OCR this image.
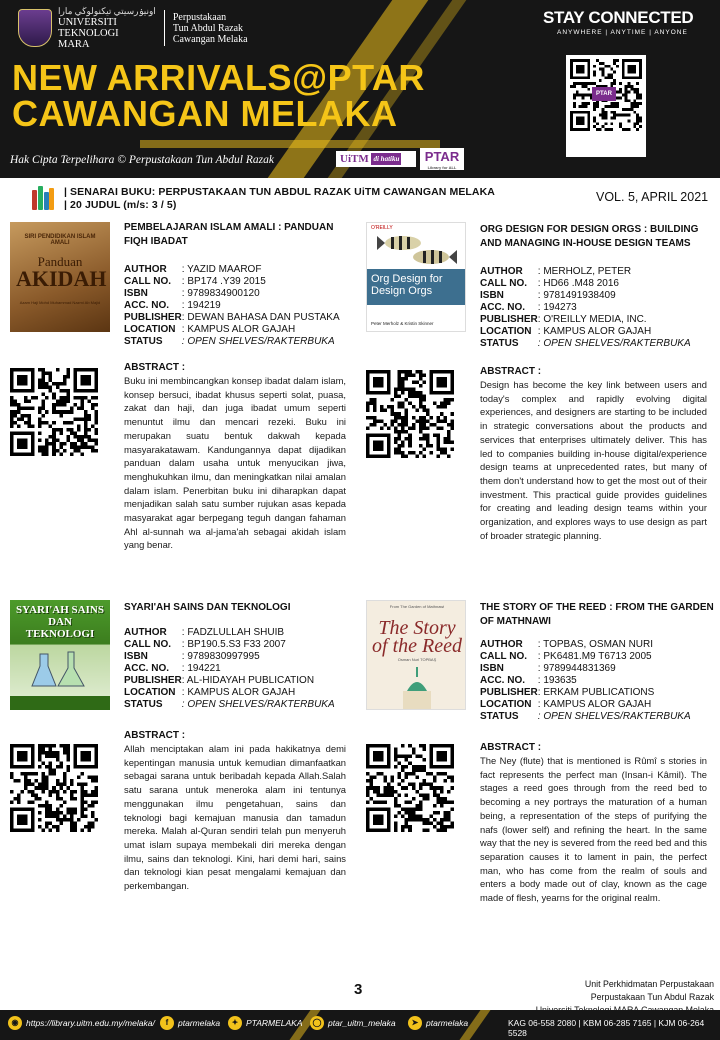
اونيۏرسيتي تيكنولوڬي مارا
UNIVERSITI
TEKNOLOGI
MARA
Perpustakaan
Tun Abdul Razak
Cawangan Melaka
NEW ARRIVALS@PTAR
CAWANGAN MELAKA
STAY CONNECTED
ANYWHERE | ANYTIME | ANYONE
PTAR
Hak Cipta Terpelihara © Perpustakaan Tun Abdul Razak	UiTM di hatiku	PTAR
Library for ALL
| SENARAI BUKU: PERPUSTAKAAN TUN ABDUL RAZAK UiTM CAWANGAN MELAKA
| 20 JUDUL (m/s: 3 / 5)
VOL. 5, APRIL 2021
SIRI PENDIDIKAN ISLAM AMALI
Panduan
AKIDAH
Azam Haji Mohd Muhammad Nazmi Ab Majid
PEMBELAJARAN ISLAM AMALI : PANDUAN FIQH IBADAT
AUTHOR	: YAZID MAAROF
CALL NO.	: BP174 .Y39 2015
ISBN	: 9789834900120
ACC. NO.	: 194219
PUBLISHER	: DEWAN BAHASA DAN PUSTAKA
LOCATION	: KAMPUS ALOR GAJAH
STATUS	: OPEN SHELVES/RAKTERBUKA
ABSTRACT :
Buku ini membincangkan konsep ibadat dalam islam, konsep bersuci, ibadat khusus seperti solat, puasa, zakat dan haji, dan juga ibadat umum seperti menuntut ilmu dan mencari rezeki. Buku ini merupakan suatu bentuk dakwah kepada masyarakatawam. Kandungannya dapat dijadikan panduan dalam usaha untuk menyucikan jiwa, menghukuhkan ilmu, dan meningkatkan nilai amalan dalam islam. Penerbitan buku ini diharapkan dapat menjadikan salah satu sumber rujukan asas kepada masyarakat agar berpegang teguh dangan fahaman Ahl al-sunnah wa al-jama'ah sebagai akidah islam yang benar.
O'REILLY
Org Design for Design Orgs
Peter Merholz & Kristin Skinner
ORG DESIGN FOR DESIGN ORGS : BUILDING AND MANAGING IN-HOUSE DESIGN TEAMS
AUTHOR	: MERHOLZ, PETER
CALL NO.	: HD66 .M48 2016
ISBN	: 9781491938409
ACC. NO.	: 194273
PUBLISHER	: O'REILLY MEDIA, INC.
LOCATION	: KAMPUS ALOR GAJAH
STATUS	: OPEN SHELVES/RAKTERBUKA
ABSTRACT :
Design has become the key link between users and today's complex and rapidly evolving digital experiences, and designers are starting to be included in strategic conversations about the products and services that enterprises ultimately deliver. This has led to companies building in-house digital/experience design teams at unprecedented rates, but many of them don't understand how to get the most out of their investment. This practical guide provides guidelines for creating and leading design teams within your organization, and explores ways to use design as part of broader strategic planning.
SYARI'AH SAINS DAN TEKNOLOGI
SYARI'AH SAINS DAN TEKNOLOGI
AUTHOR	: FADZLULLAH SHUIB
CALL NO.	: BP190.5.S3 F33 2007
ISBN	: 9789830997995
ACC. NO.	: 194221
PUBLISHER	: AL-HIDAYAH PUBLICATION
LOCATION	: KAMPUS ALOR GAJAH
STATUS	: OPEN SHELVES/RAKTERBUKA
ABSTRACT :
Allah menciptakan alam ini pada hakikatnya demi kepentingan manusia untuk kemudian dimanfaatkan sebagai sarana untuk beribadah kepada Allah.Salah satu sarana untuk meneroka alam ini tentunya menggunakan ilmu pengetahuan, sains dan teknologi bagi kemajuan manusia dan tamadun mereka. Malah al-Quran sendiri telah pun menyeruh umat islam supaya membekali diri mereka dengan ilmu, sains dan teknologi. Kini, hari demi hari, sains dan teknologi kian pesat mengalami kemajuan dan perkembangan.
From The Garden of Mathnawi
The Story of the Reed
Osman Nuri TOPBAŞ
THE STORY OF THE REED : FROM THE GARDEN OF MATHNAWI
AUTHOR	: TOPBAS, OSMAN NURI
CALL NO.	: PK6481.M9 T6713 2005
ISBN	: 9789944831369
ACC. NO.	: 193635
PUBLISHER	: ERKAM PUBLICATIONS
LOCATION	: KAMPUS ALOR GAJAH
STATUS	: OPEN SHELVES/RAKTERBUKA
ABSTRACT :
The Ney (flute) that is mentioned is Rûmî s stories in fact represents the perfect man (Insan-i Kâmil). The stages a reed goes through from the reed bed to becoming a ney portrays the maturation of a human being, a representation of the steps of purifying the nafs (lower self) and refining the heart. In the same way that the ney is severed from the reed bed and this separation causes it to lament in pain, the perfect man, who has come from the realm of souls and enters a body made out of clay, known as the cage made of flesh, yearns for the original realm.
3	Unit Perkhidmatan Perpustakaan
Perpustakaan Tun Abdul Razak
◉ https://library.uitm.edu.my/melaka/	f	ptarmelaka	✦ PTARMELAKA	◯ ptar_uitm_melaka	➤ ptarmelaka	KAG 06-558 2080 | KBM 06-285 7165 | KJM 06-264 5528
